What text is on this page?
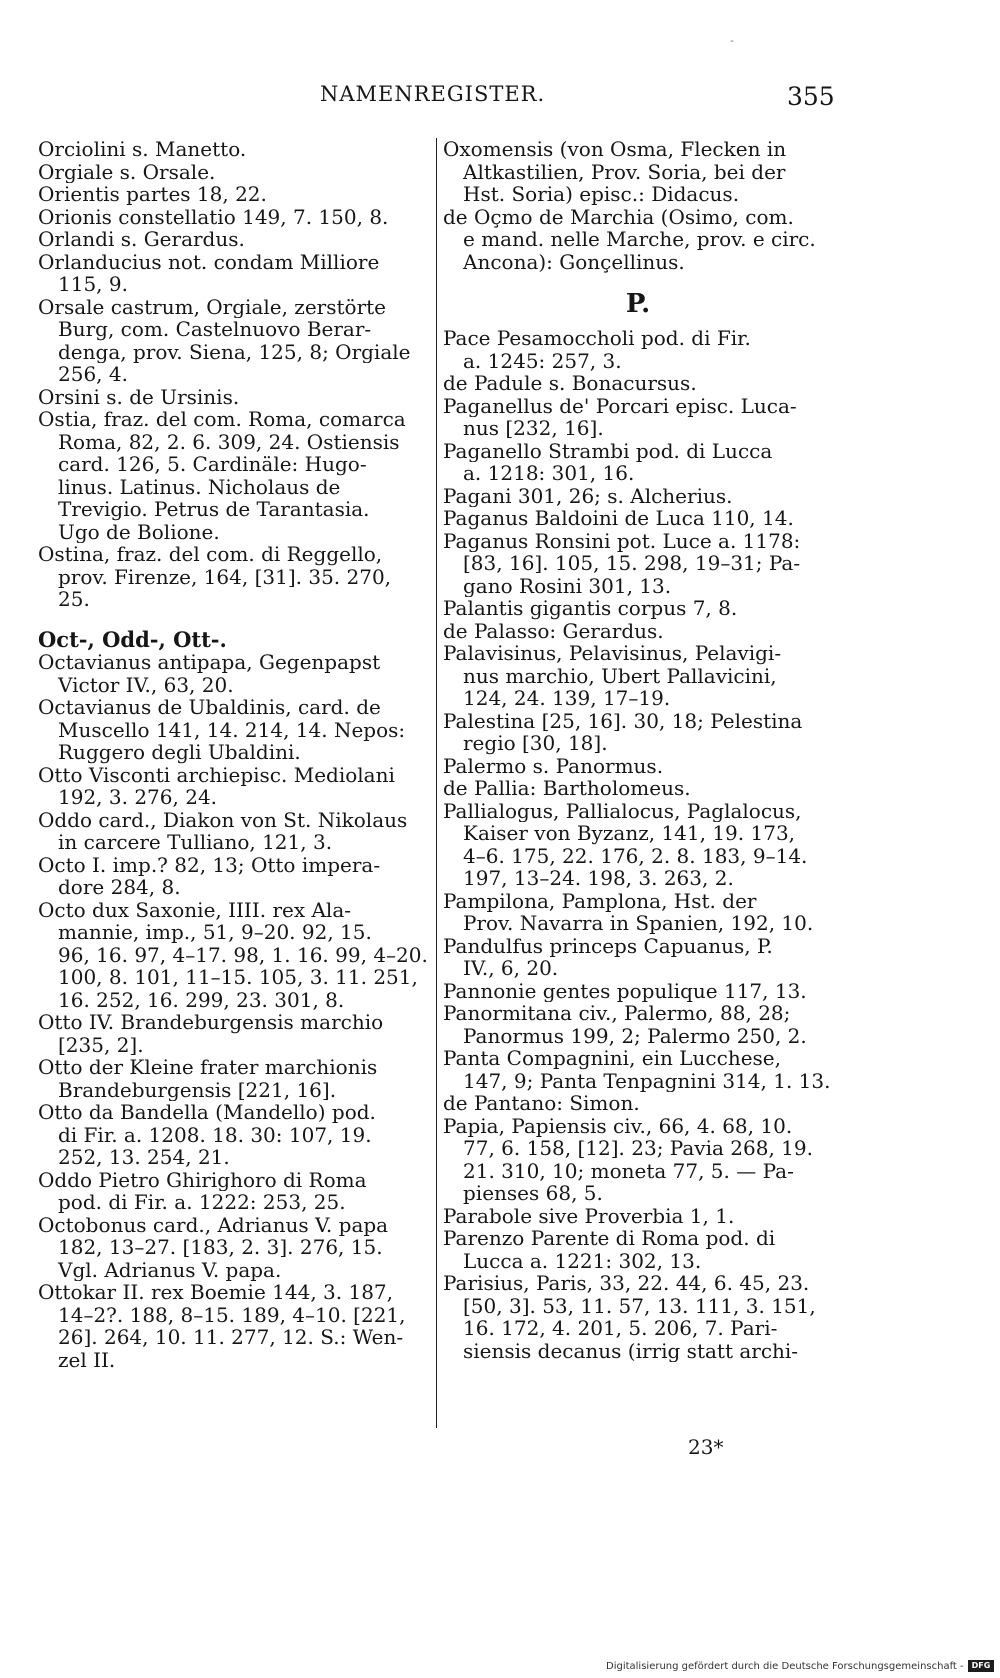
-
NAMENREGISTER.	355
Orciolini s. Manetto.
Orgiale s. Orsale.
Orientis partes 18, 22.
Orionis constellatio 149, 7. 150, 8.
Orlandi s. Gerardus.
Orlanducius not. condam Milliore
115, 9.
Orsale castrum, Orgiale, zerstörte
Burg, com. Castelnuovo Berar-
denga, prov. Siena, 125, 8; Orgiale
256, 4.
Orsini s. de Ursinis.
Ostia, fraz. del com. Roma, comarca
Roma, 82, 2. 6. 309, 24. Ostiensis
card. 126, 5. Cardinäle: Hugo-
linus. Latinus. Nicholaus de
Trevigio. Petrus de Tarantasia.
Ugo de Bolione.
Ostina, fraz. del com. di Reggello,
prov. Firenze, 164, [31]. 35. 270,
25.
Oct-, Odd-, Ott-.
Octavianus antipapa, Gegenpapst
Victor IV., 63, 20.
Octavianus de Ubaldinis, card. de
Muscello 141, 14. 214, 14. Nepos:
Ruggero degli Ubaldini.
Otto Visconti archiepisc. Mediolani
192, 3. 276, 24.
Oddo card., Diakon von St. Nikolaus
in carcere Tulliano, 121, 3.
Octo I. imp.? 82, 13; Otto impera-
dore 284, 8.
Octo dux Saxonie, IIII. rex Ala-
mannie, imp., 51, 9–20. 92, 15.
96, 16. 97, 4–17. 98, 1. 16. 99, 4–20.
100, 8. 101, 11–15. 105, 3. 11. 251,
16. 252, 16. 299, 23. 301, 8.
Otto IV. Brandeburgensis marchio
[235, 2].
Otto der Kleine frater marchionis
Brandeburgensis [221, 16].
Otto da Bandella (Mandello) pod.
di Fir. a. 1208. 18. 30: 107, 19.
252, 13. 254, 21.
Oddo Pietro Ghirighoro di Roma
pod. di Fir. a. 1222: 253, 25.
Octobonus card., Adrianus V. papa
182, 13–27. [183, 2. 3]. 276, 15.
Vgl. Adrianus V. papa.
Ottokar II. rex Boemie 144, 3. 187,
14–2?. 188, 8–15. 189, 4–10. [221,
26]. 264, 10. 11. 277, 12. S.: Wen-
zel II.
Oxomensis (von Osma, Flecken in
Altkastilien, Prov. Soria, bei der
Hst. Soria) episc.: Didacus.
de Oçmo de Marchia (Osimo, com.
e mand. nelle Marche, prov. e circ.
Ancona): Gonçellinus.
P.
Pace Pesamoccholi pod. di Fir.
a. 1245: 257, 3.
de Padule s. Bonacursus.
Paganellus de' Porcari episc. Luca-
nus [232, 16].
Paganello Strambi pod. di Lucca
a. 1218: 301, 16.
Pagani 301, 26; s. Alcherius.
Paganus Baldoini de Luca 110, 14.
Paganus Ronsini pot. Luce a. 1178:
[83, 16]. 105, 15. 298, 19–31; Pa-
gano Rosini 301, 13.
Palantis gigantis corpus 7, 8.
de Palasso: Gerardus.
Palavisinus, Pelavisinus, Pelavigi-
nus marchio, Ubert Pallavicini,
124, 24. 139, 17–19.
Palestina [25, 16]. 30, 18; Pelestina
regio [30, 18].
Palermo s. Panormus.
de Pallia: Bartholomeus.
Pallialogus, Pallialocus, Paglalocus,
Kaiser von Byzanz, 141, 19. 173,
4–6. 175, 22. 176, 2. 8. 183, 9–14.
197, 13–24. 198, 3. 263, 2.
Pampilona, Pamplona, Hst. der
Prov. Navarra in Spanien, 192, 10.
Pandulfus princeps Capuanus, P.
IV., 6, 20.
Pannonie gentes populique 117, 13.
Panormitana civ., Palermo, 88, 28;
Panormus 199, 2; Palermo 250, 2.
Panta Compagnini, ein Lucchese,
147, 9; Panta Tenpagnini 314, 1. 13.
de Pantano: Simon.
Papia, Papiensis civ., 66, 4. 68, 10.
77, 6. 158, [12]. 23; Pavia 268, 19.
21. 310, 10; moneta 77, 5. — Pa-
pienses 68, 5.
Parabole sive Proverbia 1, 1.
Parenzo Parente di Roma pod. di
Lucca a. 1221: 302, 13.
Parisius, Paris, 33, 22. 44, 6. 45, 23.
[50, 3]. 53, 11. 57, 13. 111, 3. 151,
16. 172, 4. 201, 5. 206, 7. Pari-
siensis decanus (irrig statt archi-
23*
Digitalisierung gefördert durch die Deutsche Forschungsgemeinschaft -	DFG
